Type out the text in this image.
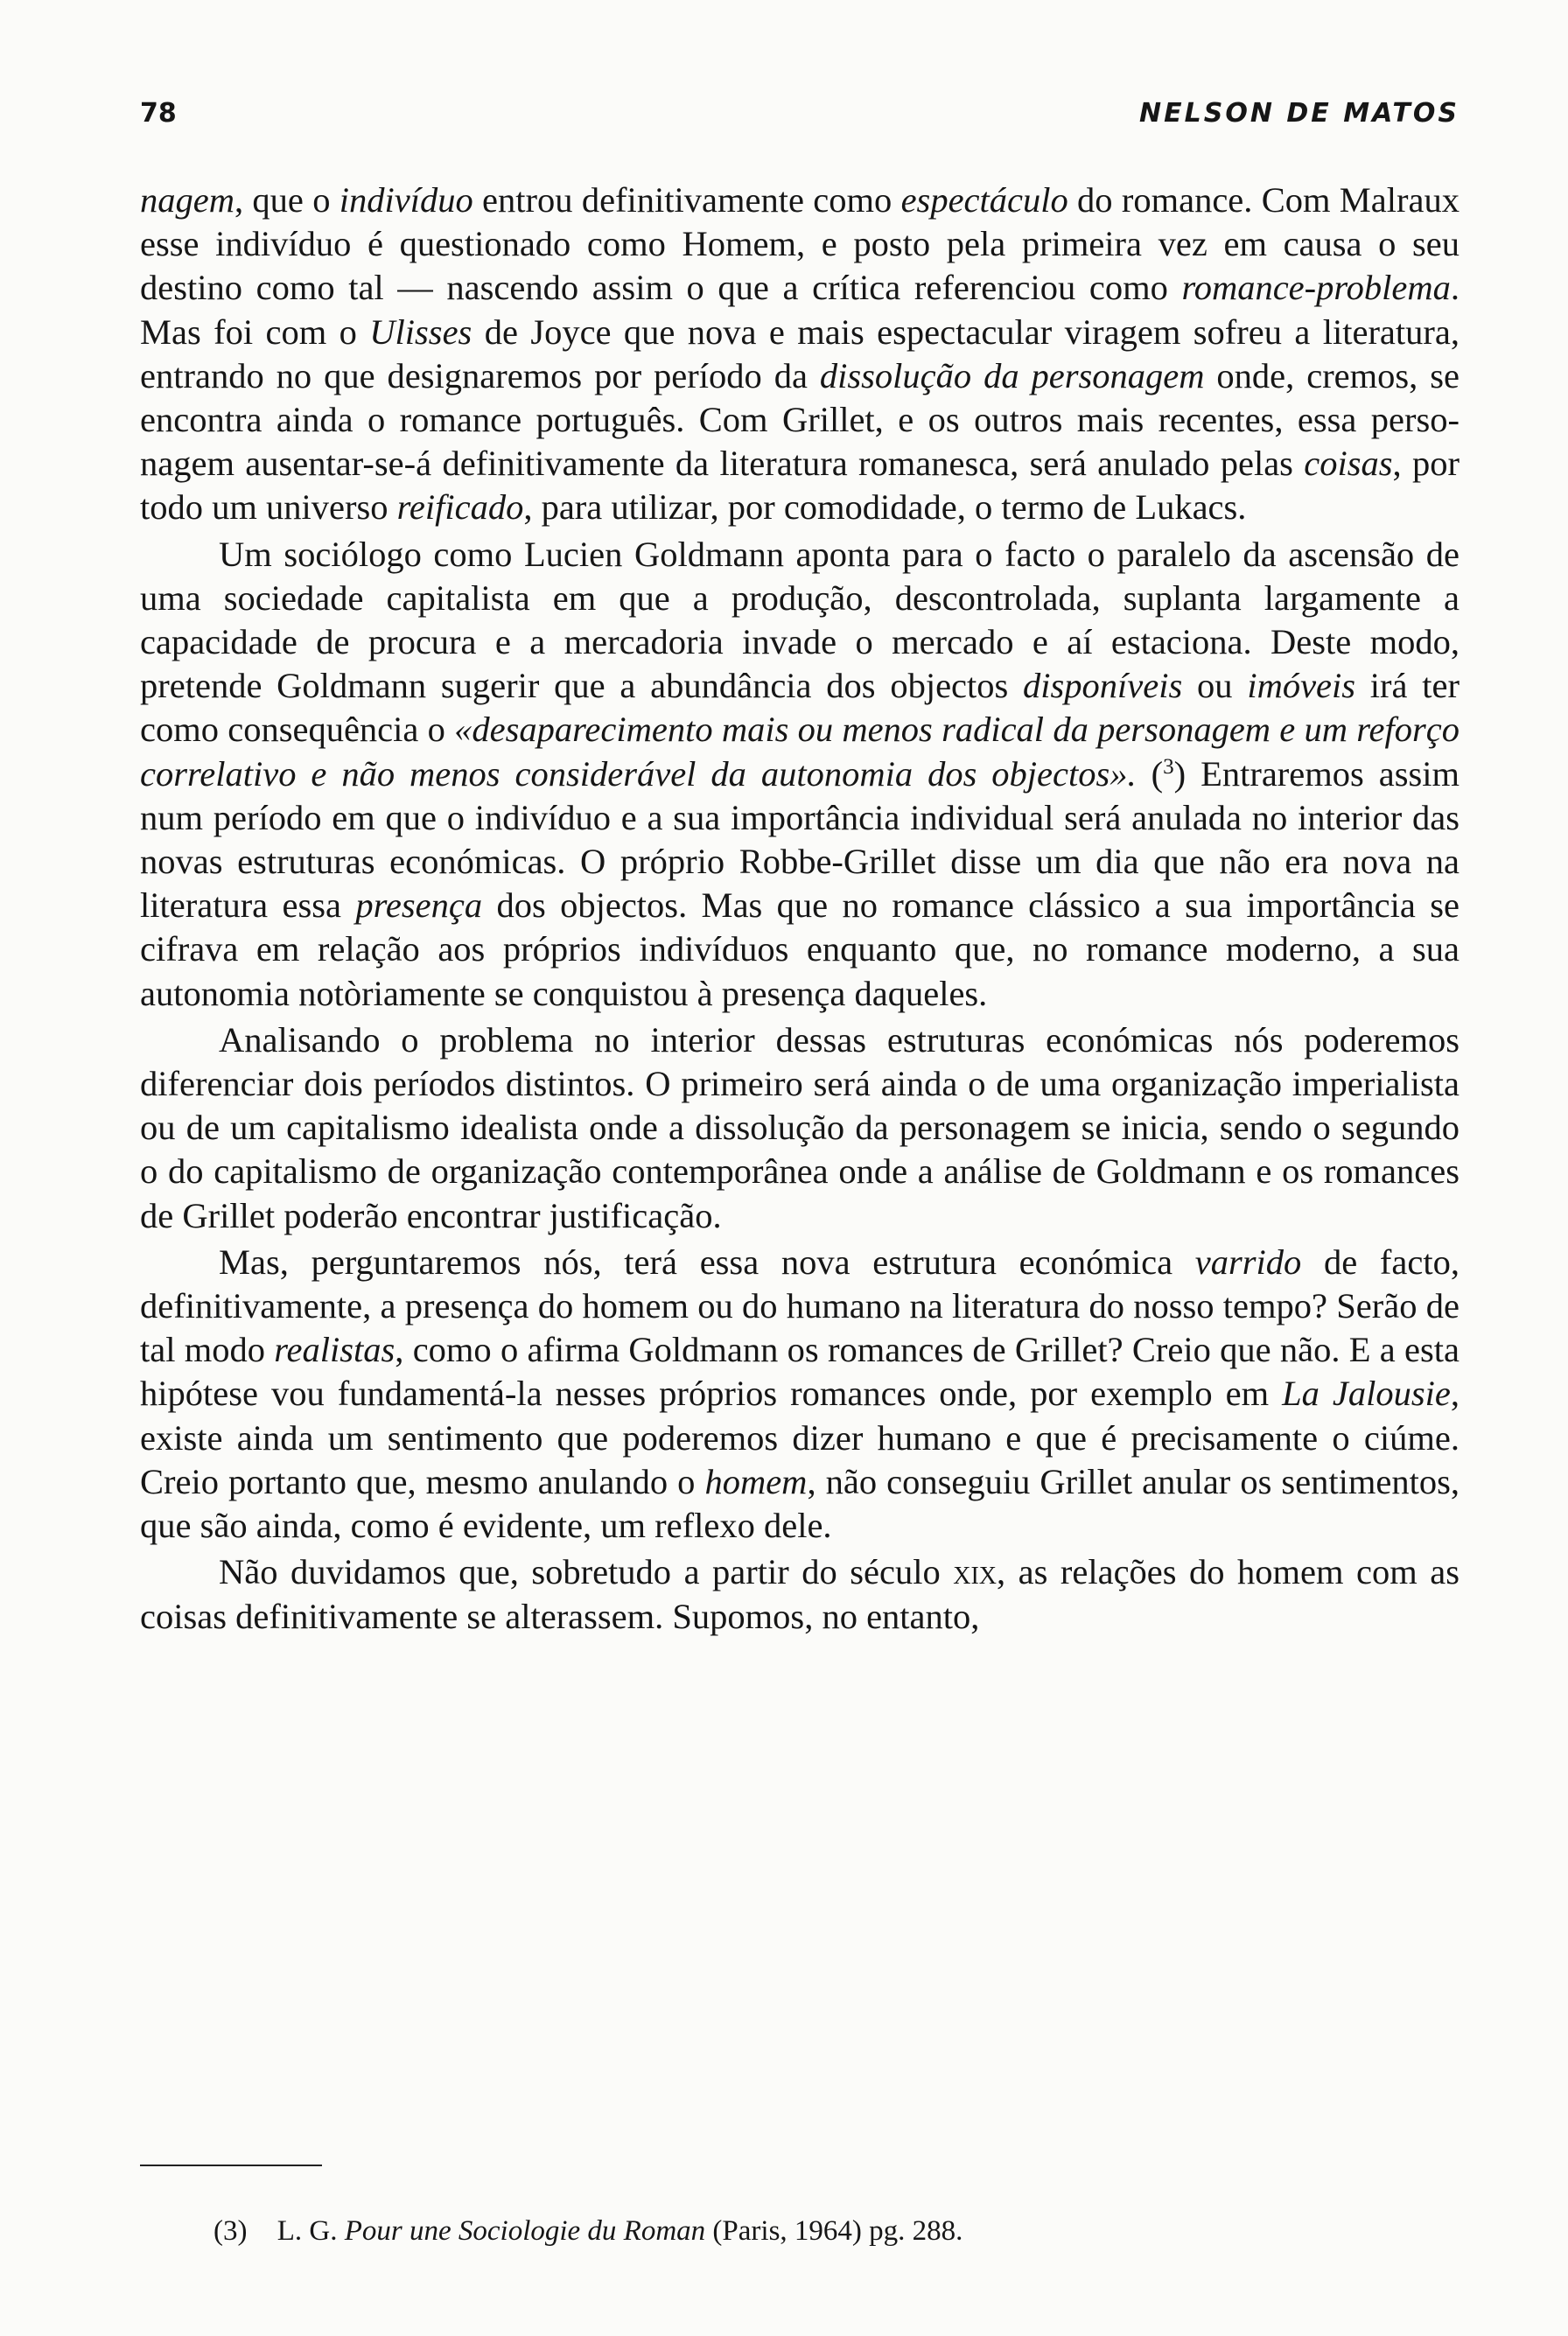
78	NELSON DE MATOS

nagem, que o indivíduo entrou definitivamente como espectáculo do romance. Com Malraux esse indivíduo é questionado como Homem, e posto pela primeira vez em causa o seu destino como tal — nascendo assim o que a crítica referenciou como romance-problema. Mas foi com o Ulisses de Joyce que nova e mais espectacular viragem sofreu a literatura, entrando no que designaremos por período da dissolução da personagem onde, cremos, se encontra ainda o romance português. Com Grillet, e os outros mais recentes, essa personagem ausentar-se-á definitivamente da literatura romanesca, será anulado pelas coisas, por todo um universo reificado, para utilizar, por comodidade, o termo de Lukacs.

Um sociólogo como Lucien Goldmann aponta para o facto o paralelo da ascensão de uma sociedade capitalista em que a produção, descontrolada, suplanta largamente a capacidade de procura e a mercadoria invade o mercado e aí estaciona. Deste modo, pretende Goldmann sugerir que a abundância dos objectos disponíveis ou imóveis irá ter como consequência o «desaparecimento mais ou menos radical da personagem e um reforço correlativo e não menos considerável da autonomia dos objectos». ($^3$) Entraremos assim num período em que o indivíduo e a sua importância individual será anulada no interior das novas estruturas económicas. O próprio Robbe-Grillet disse um dia que não era nova na literatura essa presença dos objectos. Mas que no romance clássico a sua importância se cifrava em relação aos próprios indivíduos enquanto que, no romance moderno, a sua autonomia notòriamente se conquistou à presença daqueles.

Analisando o problema no interior dessas estruturas económicas nós poderemos diferenciar dois períodos distintos. O primeiro será ainda o de uma organização imperialista ou de um capitalismo idealista onde a dissolução da personagem se inicia, sendo o segundo o do capitalismo de organização contemporânea onde a análise de Goldmann e os romances de Grillet poderão encontrar justificação.

Mas, perguntaremos nós, terá essa nova estrutura económica varrido de facto, definitivamente, a presença do homem ou do humano na literatura do nosso tempo? Serão de tal modo realistas, como o afirma Goldmann os romances de Grillet? Creio que não. E a esta hipótese vou fundamentá-la nesses próprios romances onde, por exemplo em La Jalousie, existe ainda um sentimento que poderemos dizer humano e que é precisamente o ciúme. Creio portanto que, mesmo anulando o homem, não conseguiu Grillet anular os sentimentos, que são ainda, como é evidente, um reflexo dele.

Não duvidamos que, sobretudo a partir do século xix, as relações do homem com as coisas definitivamente se alterassem. Supomos, no entanto,

(3) L. G. Pour une Sociologie du Roman (Paris, 1964) pg. 288.
